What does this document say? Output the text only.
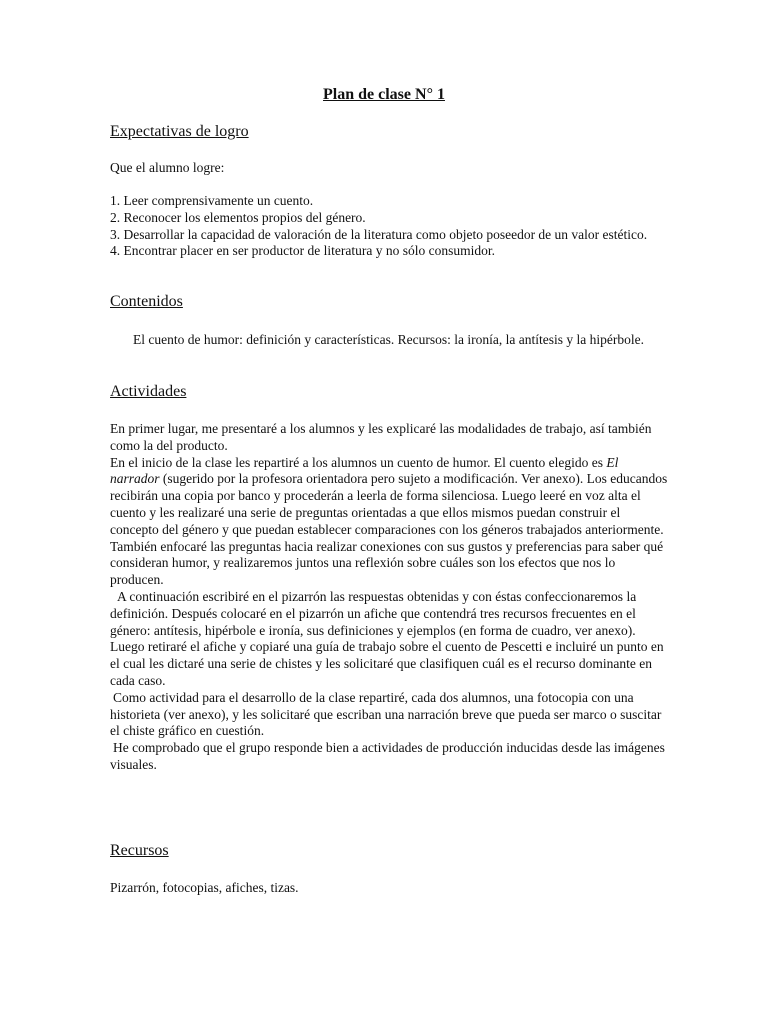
Plan de clase N° 1
Expectativas de logro

Que el alumno logre:

1. Leer comprensivamente un cuento.
2. Reconocer los elementos propios del género.
3. Desarrollar la capacidad de valoración de la literatura como objeto poseedor de un valor estético.
4. Encontrar placer en ser productor de literatura y no sólo consumidor.
Contenidos

El cuento de humor: definición y características. Recursos: la ironía, la antítesis y la hipérbole.

Actividades

En primer lugar, me presentaré a los alumnos y les explicaré las modalidades de trabajo, así también como la del producto.

En el inicio de la clase les repartiré a los alumnos un cuento de humor. El cuento elegido es El narrador (sugerido por la profesora orientadora pero sujeto a modificación. Ver anexo). Los educandos recibirán una copia por banco y procederán a leerla de forma silenciosa. Luego leeré en voz alta el cuento y les realizaré una serie de preguntas orientadas a que ellos mismos puedan construir el concepto del género y que puedan establecer comparaciones con los géneros trabajados anteriormente. También enfocaré las preguntas hacia realizar conexiones con sus gustos y preferencias para saber qué consideran humor, y realizaremos juntos una reflexión sobre cuáles son los efectos que nos lo producen.

A continuación escribiré en el pizarrón las respuestas obtenidas y con éstas confeccionaremos la definición. Después colocaré en el pizarrón un afiche que contendrá tres recursos frecuentes en el género: antítesis, hipérbole e ironía, sus definiciones y ejemplos (en forma de cuadro, ver anexo). Luego retiraré el afiche y copiaré una guía de trabajo sobre el cuento de Pescetti e incluiré un punto en el cual les dictaré una serie de chistes y les solicitaré que clasifiquen cuál es el recurso dominante en cada caso.

Como actividad para el desarrollo de la clase repartiré, cada dos alumnos, una fotocopia con una historieta (ver anexo), y les solicitaré que escriban una narración breve que pueda ser marco o suscitar el chiste gráfico en cuestión.

He comprobado que el grupo responde bien a actividades de producción inducidas desde las imágenes visuales.

Recursos

Pizarrón, fotocopias, afiches, tizas.
